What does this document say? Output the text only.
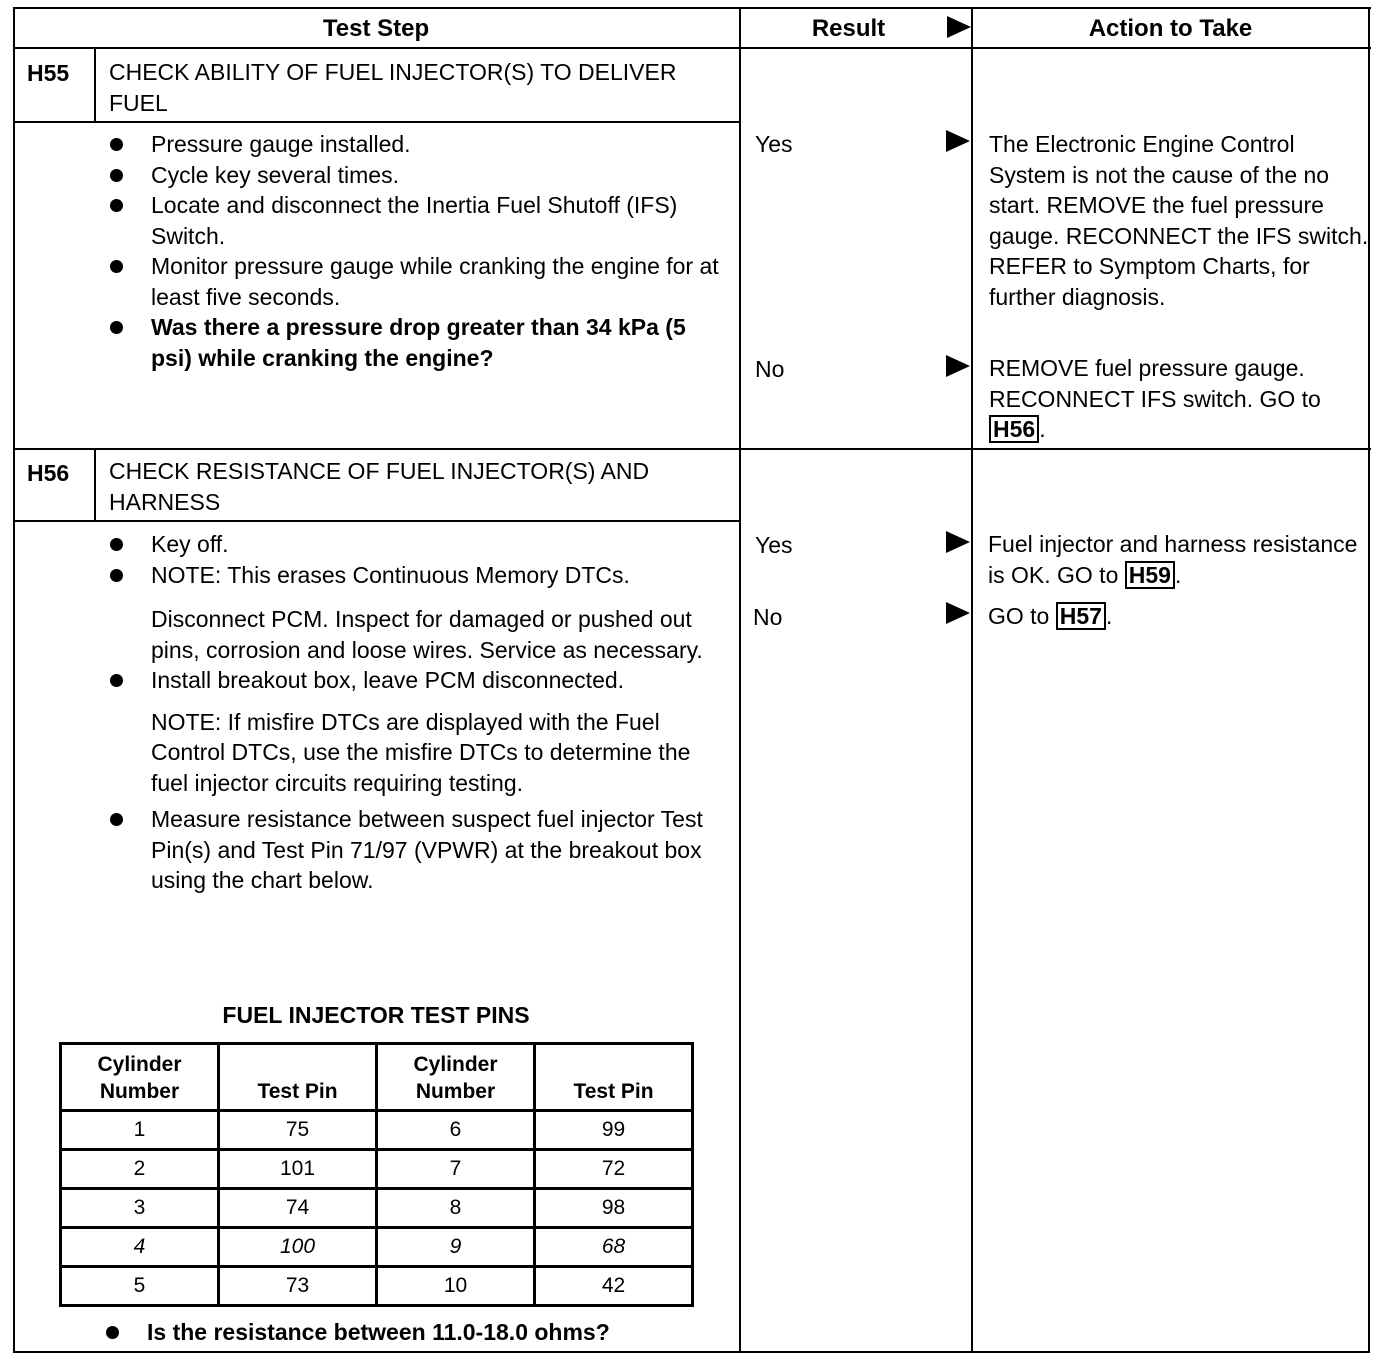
Test Step	Result	Action to Take
H55 CHECK ABILITY OF FUEL INJECTOR(S) TO DELIVER FUEL
Pressure gauge installed.
Cycle key several times.
Locate and disconnect the Inertia Fuel Shutoff (IFS) Switch.
Monitor pressure gauge while cranking the engine for at least five seconds.
Was there a pressure drop greater than 34 kPa (5 psi) while cranking the engine?
Yes	The Electronic Engine Control System is not the cause of the no start. REMOVE the fuel pressure gauge. RECONNECT the IFS switch. REFER to Symptom Charts, for further diagnosis.
No	REMOVE fuel pressure gauge. RECONNECT IFS switch. GO to H56 .
H56 CHECK RESISTANCE OF FUEL INJECTOR(S) AND HARNESS
Key off.
NOTE: This erases Continuous Memory DTCs.
Disconnect PCM. Inspect for damaged or pushed out pins, corrosion and loose wires. Service as necessary.
Install breakout box, leave PCM disconnected.
NOTE: If misfire DTCs are displayed with the Fuel Control DTCs, use the misfire DTCs to determine the fuel injector circuits requiring testing.
Measure resistance between suspect fuel injector Test Pin(s) and Test Pin 71/97 (VPWR) at the breakout box using the chart below.
FUEL INJECTOR TEST PINS
Cylinder Number	Test Pin	Cylinder Number	Test Pin
1	75	6	99
2	101	7	72
3	74	8	98
4	100	9	68
5	73	10	42
Is the resistance between 11.0-18.0 ohms?
Yes	Fuel injector and harness resistance is OK. GO to H59 .
No	GO to H57 .
